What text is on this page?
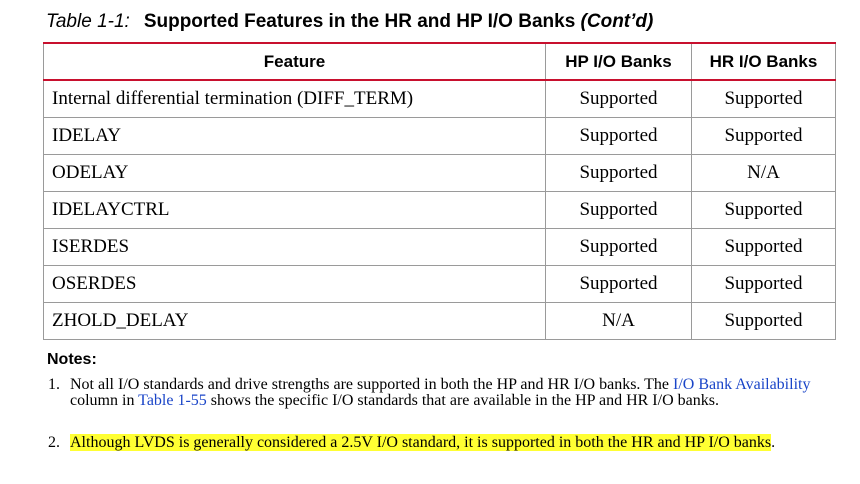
Table 1-1: Supported Features in the HR and HP I/O Banks (Cont’d)
Feature	HP I/O Banks	HR I/O Banks
Internal differential termination (DIFF_TERM)	Supported	Supported
IDELAY	Supported	Supported
ODELAY	Supported	N/A
IDELAYCTRL	Supported	Supported
ISERDES	Supported	Supported
OSERDES	Supported	Supported
ZHOLD_DELAY	N/A	Supported
Notes:
1. Not all I/O standards and drive strengths are supported in both the HP and HR I/O banks. The I/O Bank Availability column in Table 1-55 shows the specific I/O standards that are available in the HP and HR I/O banks.
2. Although LVDS is generally considered a 2.5V I/O standard, it is supported in both the HR and HP I/O banks.
